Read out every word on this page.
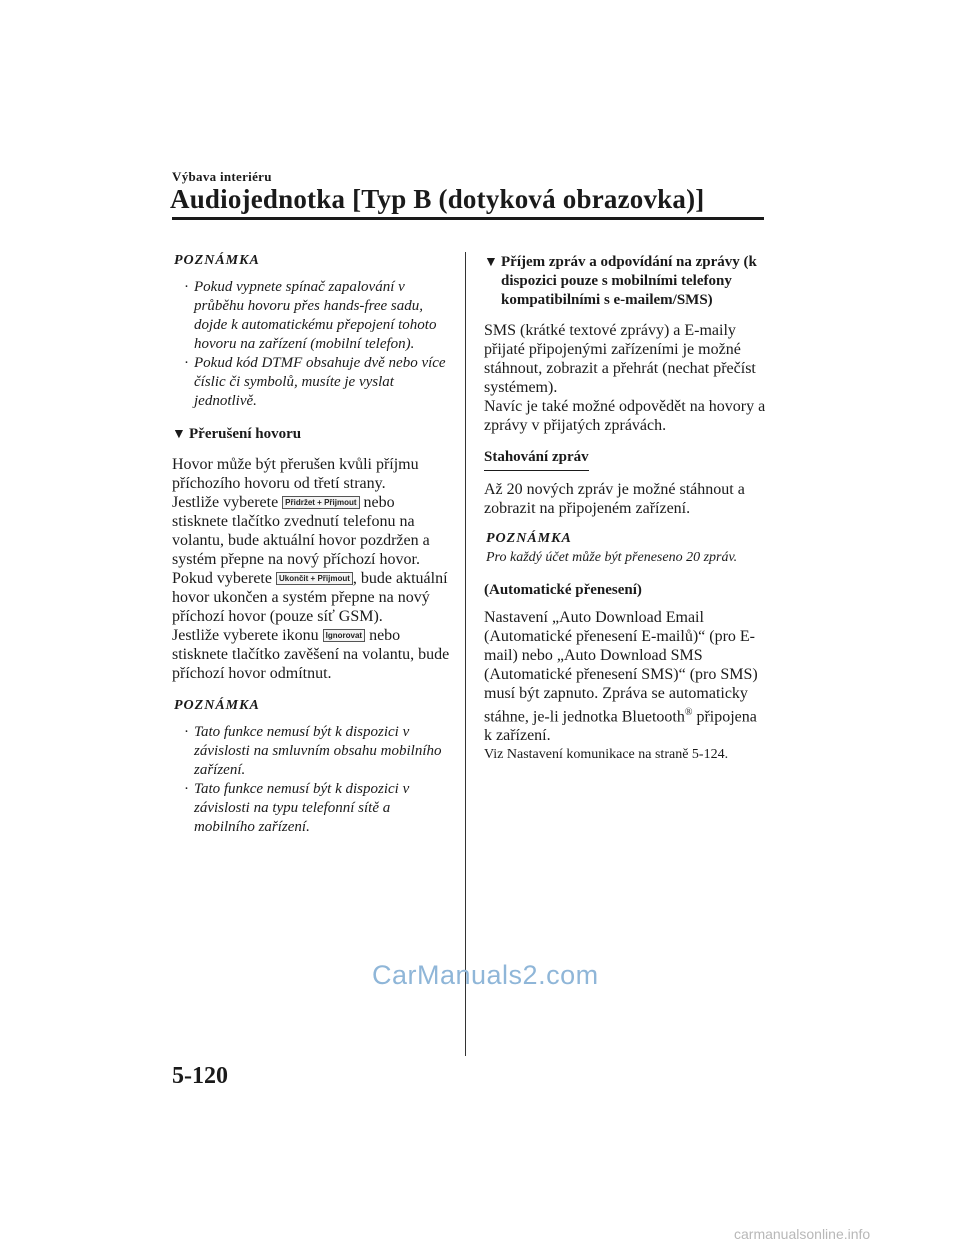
Výbava interiéru
Audiojednotka [Typ B (dotyková obrazovka)]
POZNÁMKA
· Pokud vypnete spínač zapalování v průběhu hovoru přes hands-free sadu, dojde k automatickému přepojení tohoto hovoru na zařízení (mobilní telefon).
· Pokud kód DTMF obsahuje dvě nebo více číslic či symbolů, musíte je vyslat jednotlivě.
▼ Přerušení hovoru

Hovor může být přerušen kvůli příjmu příchozího hovoru od třetí strany.

Jestliže vyberete Přidržet + Přijmout nebo stisknete tlačítko zvednutí telefonu na volantu, bude aktuální hovor pozdržen a systém přepne na nový příchozí hovor.

Pokud vyberete Ukončit + Přijmout , bude aktuální hovor ukončen a systém přepne na nový příchozí hovor (pouze síť GSM).

Jestliže vyberete ikonu Ignorovat nebo stisknete tlačítko zavěšení na volantu, bude příchozí hovor odmítnut.

POZNÁMKA
· Tato funkce nemusí být k dispozici v závislosti na smluvním obsahu mobilního zařízení.
· Tato funkce nemusí být k dispozici v závislosti na typu telefonní sítě a mobilního zařízení.
▼ Příjem zpráv a odpovídání na zprávy (k dispozici pouze s mobilními telefony kompatibilními s e-mailem/SMS)

SMS (krátké textové zprávy) a E-maily přijaté připojenými zařízeními je možné stáhnout, zobrazit a přehrát (nechat přečíst systémem).

Navíc je také možné odpovědět na hovory a zprávy v přijatých zprávách.

Stahování zpráv

Až 20 nových zpráv je možné stáhnout a zobrazit na připojeném zařízení.

POZNÁMKA
Pro každý účet může být přeneseno 20 zpráv.
(Automatické přenesení)

Nastavení „Auto Download Email (Automatické přenesení E-mailů)“ (pro E-mail) nebo „Auto Download SMS (Automatické přenesení SMS)“ (pro SMS) musí být zapnuto. Zpráva se automaticky stáhne, je-li jednotka Bluetooth® připojena k zařízení.

Viz Nastavení komunikace na straně 5-124.

CarManuals2.com
5-120
carmanualsonline.info
